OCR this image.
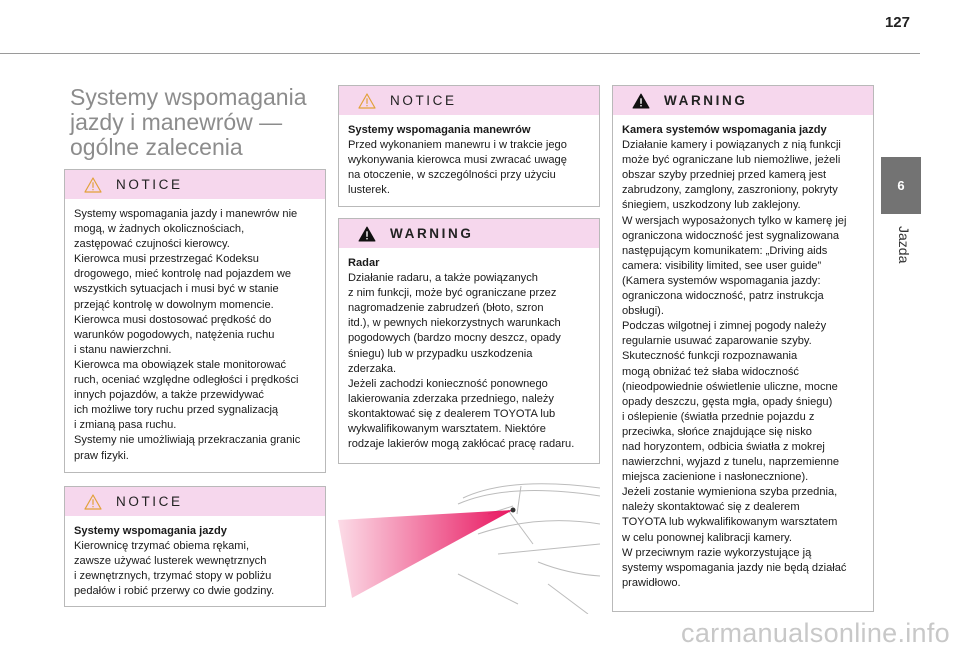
127
6
Jazda
Systemy wspomagania
jazdy i manewrów —
ogólne zalecenia
NOTICE

Systemy wspomagania jazdy i manewrów nie

mogą, w żadnych okolicznościach,

zastępować czujności kierowcy.

Kierowca musi przestrzegać Kodeksu

drogowego, mieć kontrolę nad pojazdem we

wszystkich sytuacjach i musi być w stanie

przejąć kontrolę w dowolnym momencie.

Kierowca musi dostosować prędkość do

warunków pogodowych, natężenia ruchu

i stanu nawierzchni.

Kierowca ma obowiązek stale monitorować

ruch, oceniać względne odległości i prędkości

innych pojazdów, a także przewidywać

ich możliwe tory ruchu przed sygnalizacją

i zmianą pasa ruchu.

Systemy nie umożliwiają przekraczania granic

praw fizyki.

NOTICE

Systemy wspomagania jazdy

Kierownicę trzymać obiema rękami,

zawsze używać lusterek wewnętrznych

i zewnętrznych, trzymać stopy w pobliżu

pedałów i robić przerwy co dwie godziny.

NOTICE

Systemy wspomagania manewrów

Przed wykonaniem manewru i w trakcie jego

wykonywania kierowca musi zwracać uwagę

na otoczenie, w szczególności przy użyciu

lusterek.

WARNING

Radar

Działanie radaru, a także powiązanych

z nim funkcji, może być ograniczane przez

nagromadzenie zabrudzeń (błoto, szron

itd.), w pewnych niekorzystnych warunkach

pogodowych (bardzo mocny deszcz, opady

śniegu) lub w przypadku uszkodzenia

zderzaka.

Jeżeli zachodzi konieczność ponownego

lakierowania zderzaka przedniego, należy

skontaktować się z dealerem TOYOTA lub

wykwalifikowanym warsztatem. Niektóre

rodzaje lakierów mogą zakłócać pracę radaru.

WARNING

Kamera systemów wspomagania jazdy

Działanie kamery i powiązanych z nią funkcji

może być ograniczane lub niemożliwe, jeżeli

obszar szyby przedniej przed kamerą jest

zabrudzony, zamglony, zaszroniony, pokryty

śniegiem, uszkodzony lub zaklejony.

W wersjach wyposażonych tylko w kamerę jej

ograniczona widoczność jest sygnalizowana

następującym komunikatem: „Driving aids

camera: visibility limited, see user guide”

(Kamera systemów wspomagania jazdy:

ograniczona widoczność, patrz instrukcja

obsługi).

Podczas wilgotnej i zimnej pogody należy

regularnie usuwać zaparowanie szyby.

Skuteczność funkcji rozpoznawania

mogą obniżać też słaba widoczność

(nieodpowiednie oświetlenie uliczne, mocne

opady deszczu, gęsta mgła, opady śniegu)

i oślepienie (światła przednie pojazdu z

przeciwka, słońce znajdujące się nisko

nad horyzontem, odbicia światła z mokrej

nawierzchni, wyjazd z tunelu, naprzemienne

miejsca zacienione i nasłonecznione).

Jeżeli zostanie wymieniona szyba przednia,

należy skontaktować się z dealerem

TOYOTA lub wykwalifikowanym warsztatem

w celu ponownej kalibracji kamery.

W przeciwnym razie wykorzystujące ją

systemy wspomagania jazdy nie będą działać

prawidłowo.

carmanualsonline.info
